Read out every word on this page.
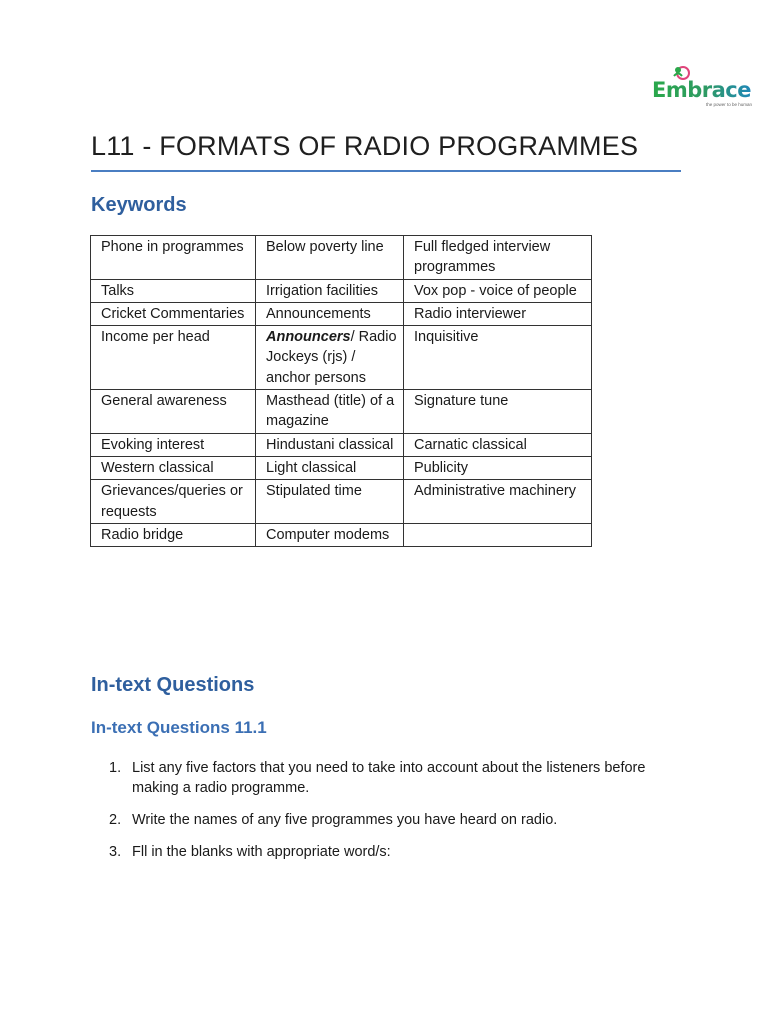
Embrace
the power to be human
L11 - FORMATS OF RADIO PROGRAMMES
Keywords
Phone in programmes	Below poverty line	Full fledged interview programmes
Talks	Irrigation facilities	Vox pop - voice of people
Cricket Commentaries	Announcements	Radio interviewer
Income per head	Announcers/ Radio Jockeys (rjs) / anchor persons	Inquisitive
General awareness	Masthead (title) of a magazine	Signature tune
Evoking interest	Hindustani classical	Carnatic classical
Western classical	Light classical	Publicity
Grievances/queries or requests	Stipulated time	Administrative machinery
Radio bridge	Computer modems	
In-text Questions
In-text Questions 11.1
1. List any five factors that you need to take into account about the listeners before making a radio programme.
2. Write the names of any five programmes you have heard on radio.
3. Fll in the blanks with appropriate word/s:
